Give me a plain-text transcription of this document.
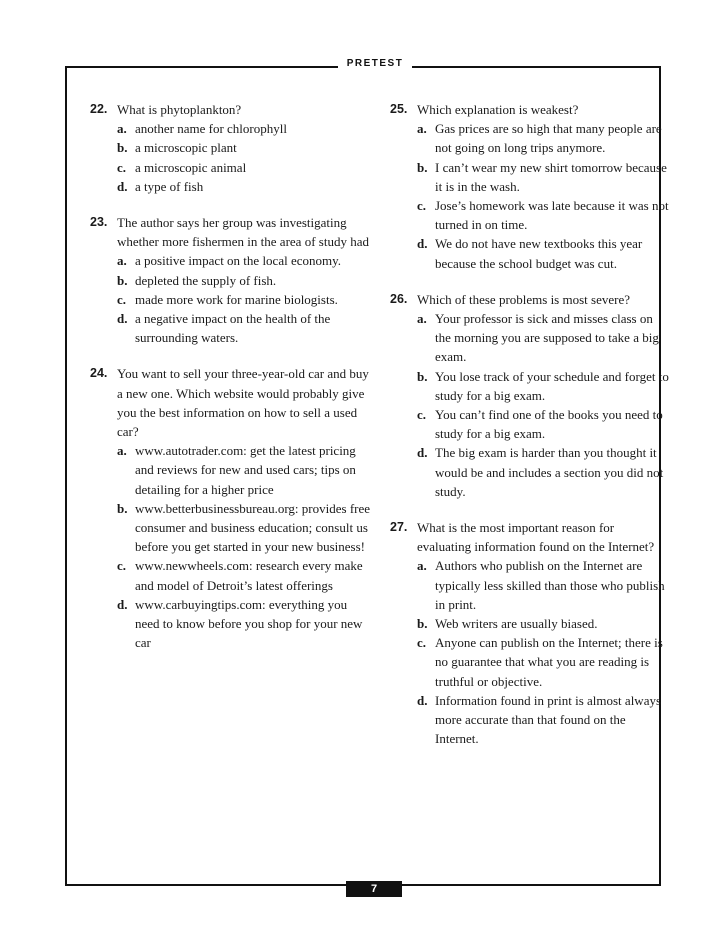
PRETEST
22. What is phytoplankton?
a. another name for chlorophyll
b. a microscopic plant
c. a microscopic animal
d. a type of fish
23. The author says her group was investigating whether more fishermen in the area of study had
a. a positive impact on the local economy.
b. depleted the supply of fish.
c. made more work for marine biologists.
d. a negative impact on the health of the surrounding waters.
24. You want to sell your three-year-old car and buy a new one. Which website would probably give you the best information on how to sell a used car?
a. www.autotrader.com: get the latest pricing and reviews for new and used cars; tips on detailing for a higher price
b. www.betterbusinessbureau.org: provides free consumer and business education; consult us before you get started in your new business!
c. www.newwheels.com: research every make and model of Detroit’s latest offerings
d. www.carbuyingtips.com: everything you need to know before you shop for your new car
25. Which explanation is weakest?
a. Gas prices are so high that many people are not going on long trips anymore.
b. I can’t wear my new shirt tomorrow because it is in the wash.
c. Jose’s homework was late because it was not turned in on time.
d. We do not have new textbooks this year because the school budget was cut.
26. Which of these problems is most severe?
a. Your professor is sick and misses class on the morning you are supposed to take a big exam.
b. You lose track of your schedule and forget to study for a big exam.
c. You can’t find one of the books you need to study for a big exam.
d. The big exam is harder than you thought it would be and includes a section you did not study.
27. What is the most important reason for evaluating information found on the Internet?
a. Authors who publish on the Internet are typically less skilled than those who publish in print.
b. Web writers are usually biased.
c. Anyone can publish on the Internet; there is no guarantee that what you are reading is truthful or objective.
d. Information found in print is almost always more accurate than that found on the Internet.
7
